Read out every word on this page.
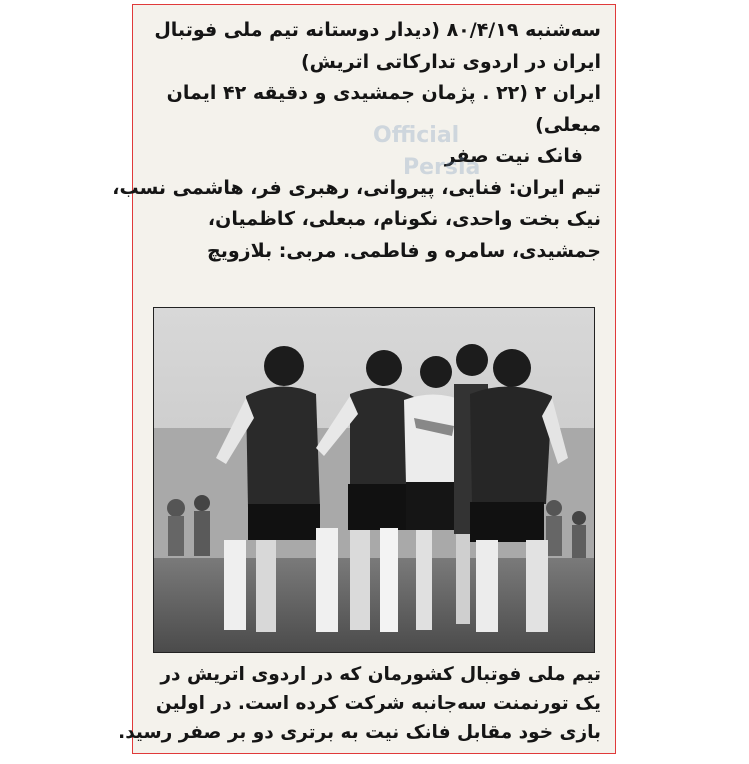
سه‌شنبه ۸۰/۴/۱۹ (دیدار دوستانه تیم ملی فوتبال
ایران در اردوی تدارکاتی اتریش)
ایران ۲ (۲۲ . پژمان جمشیدی و دقیقه ۴۲ ایمان
مبعلی)
فانک نیت صفر
تیم ایران: فنایی، پیروانی، رهبری فر، هاشمی نسب،
نیک بخت واحدی، نکونام، مبعلی، کاظمیان،
جمشیدی، سامره و فاطمی. مربی: بلازویچ
Official
Persia
تیم ملی فوتبال کشورمان که در اردوی اتریش در
یک تورنمنت سه‌جانبه شرکت کرده است. در اولین
بازی خود مقابل فانک نیت به برتری دو بر صفر رسید.
